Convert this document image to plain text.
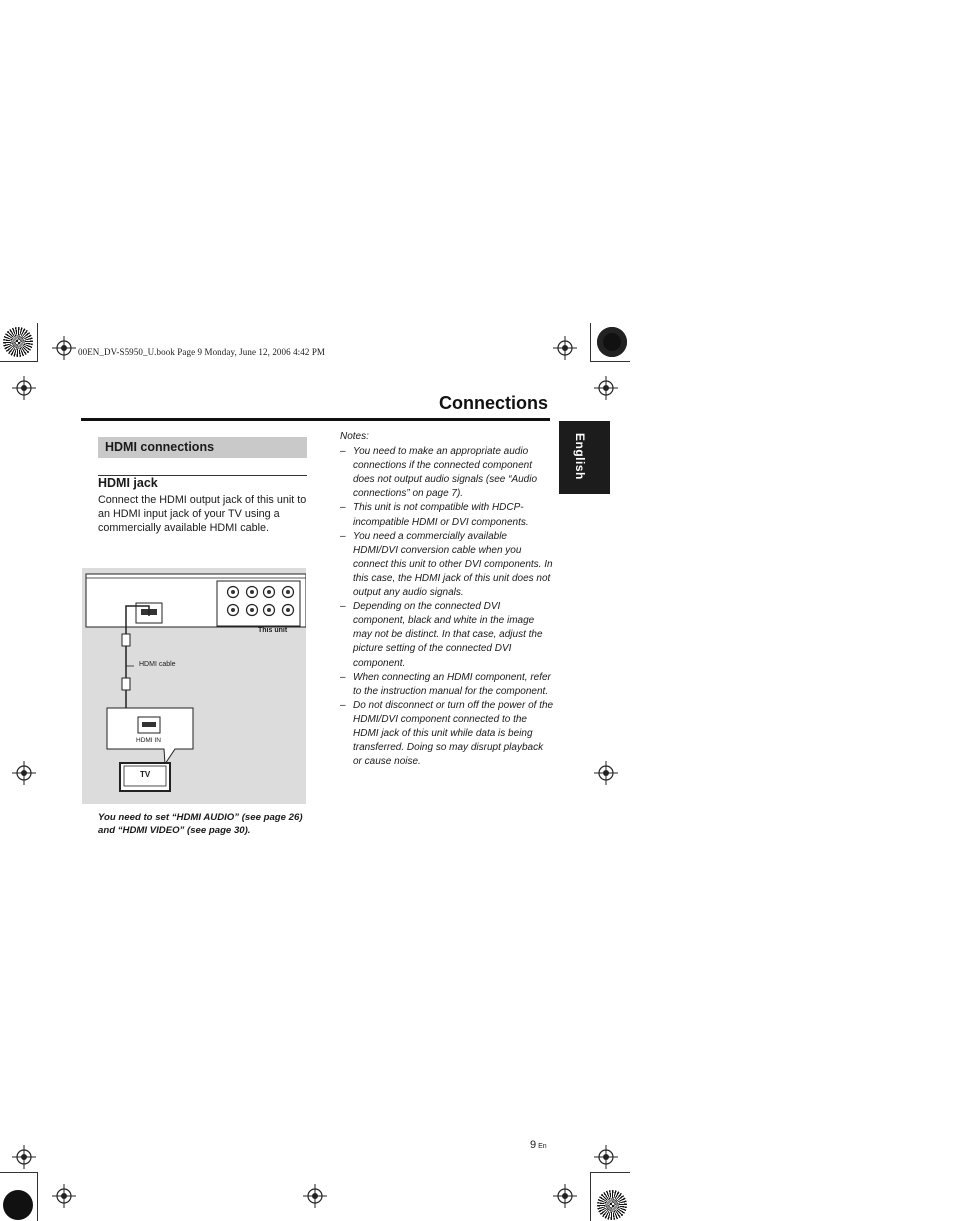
00EN_DV-S5950_U.book Page 9 Monday, June 12, 2006 4:42 PM
Connections
English
HDMI connections
HDMI jack
Connect the HDMI output jack of this unit to an HDMI input jack of your TV using a commercially available HDMI cable.
This unit
HDMI cable
HDMI IN
TV
You need to set “HDMI AUDIO” (see page 26) and “HDMI VIDEO” (see page 30).
Notes:
– You need to make an appropriate audio connections if the connected component does not output audio signals (see “Audio connections” on page 7).
– This unit is not compatible with HDCP-incompatible HDMI or DVI components.
– You need a commercially available HDMI/DVI conversion cable when you connect this unit to other DVI components. In this case, the HDMI jack of this unit does not output any audio signals.
– Depending on the connected DVI component, black and white in the image may not be distinct. In that case, adjust the picture setting of the connected DVI component.
– When connecting an HDMI component, refer to the instruction manual for the component.
– Do not disconnect or turn off the power of the HDMI/DVI component connected to the HDMI jack of this unit while data is being transferred. Doing so may disrupt playback or cause noise.
9 En
